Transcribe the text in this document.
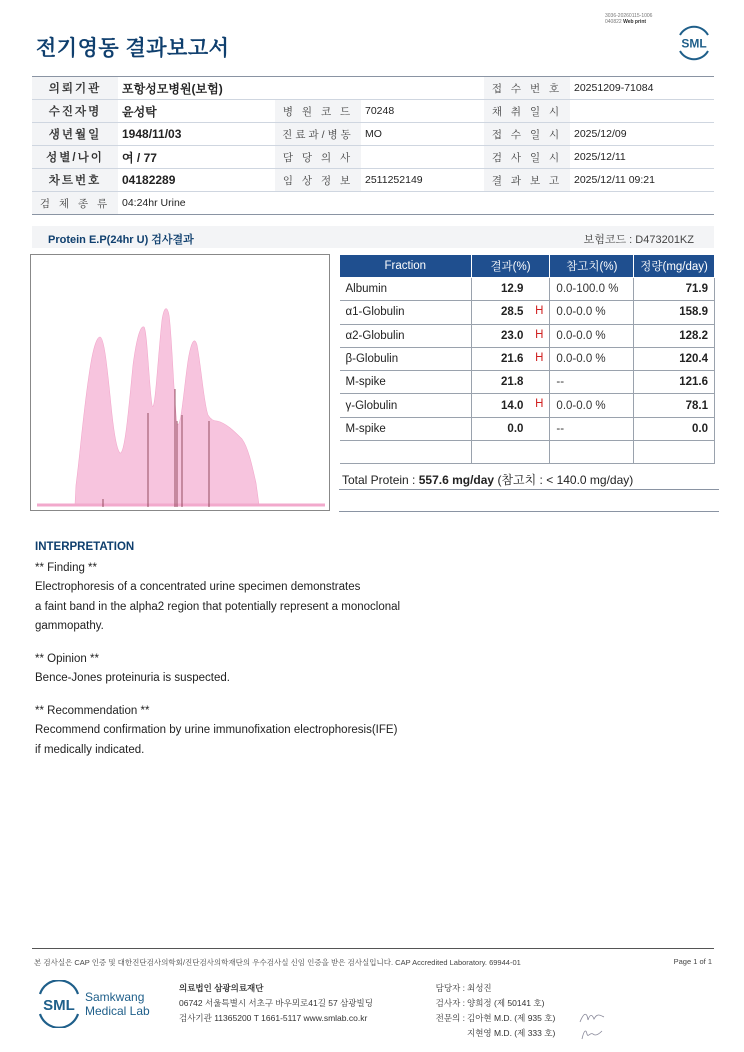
3036-20260115-1006
040822 Web print
전기영동 결과보고서	SML
의뢰기관	포항성모병원(보험)			접 수 번 호	20251209-71084
수진자명	윤성탁	병 원 코 드	70248	채 취 일 시	
생년월일	1948/11/03	진료과/병동	MO	접 수 일 시	2025/12/09
성별/나이	여 / 77	담 당 의 사		검 사 일 시	2025/12/11
차트번호	04182289	임 상 정 보	2511252149	결 과 보 고	2025/12/11 09:21
검 체 종 류	04:24hr Urine				
Protein E.P(24hr U) 검사결과	보험코드 : D473201KZ
Fraction	결과(%)	참고치(%)	정량(mg/day)
Albumin	12.9	0.0-100.0 %	71.9
α1-Globulin	28.5 H	0.0-0.0 %	158.9
α2-Globulin	23.0 H	0.0-0.0 %	128.2
β-Globulin	21.6 H	0.0-0.0 %	120.4
M-spike	21.8	--	121.6
γ-Globulin	14.0 H	0.0-0.0 %	78.1
M-spike	0.0	--	0.0

Total Protein : 557.6 mg/day (참고치 : < 140.0 mg/day)
INTERPRETATION
** Finding **
Electrophoresis of a concentrated urine specimen demonstrates
a faint band in the alpha2 region that potentially represent a monoclonal
gammopathy.
** Opinion **
Bence-Jones proteinuria is suspected.
** Recommendation **
Recommend confirmation by urine immunofixation electrophoresis(IFE)
if medically indicated.
본 검사실은 CAP 인증 및 대한진단검사의학회/진단검사의학재단의 우수검사실 신임 인증을 받은 검사실입니다. CAP Accredited Laboratory. 69944-01	Page 1 of 1
SML Samkwang
Medical Lab
의료법인 삼광의료재단
06742 서울특별시 서초구 바우뫼로41길 57 삼광빌딩
검사기관 11365200 T 1661-5117 www.smlab.co.kr
담당자 : 최성진
검사자 : 양희정 (제 50141 호)
전문의 : 김아현 M.D. (제 935 호)
지현영 M.D. (제 333 호)
